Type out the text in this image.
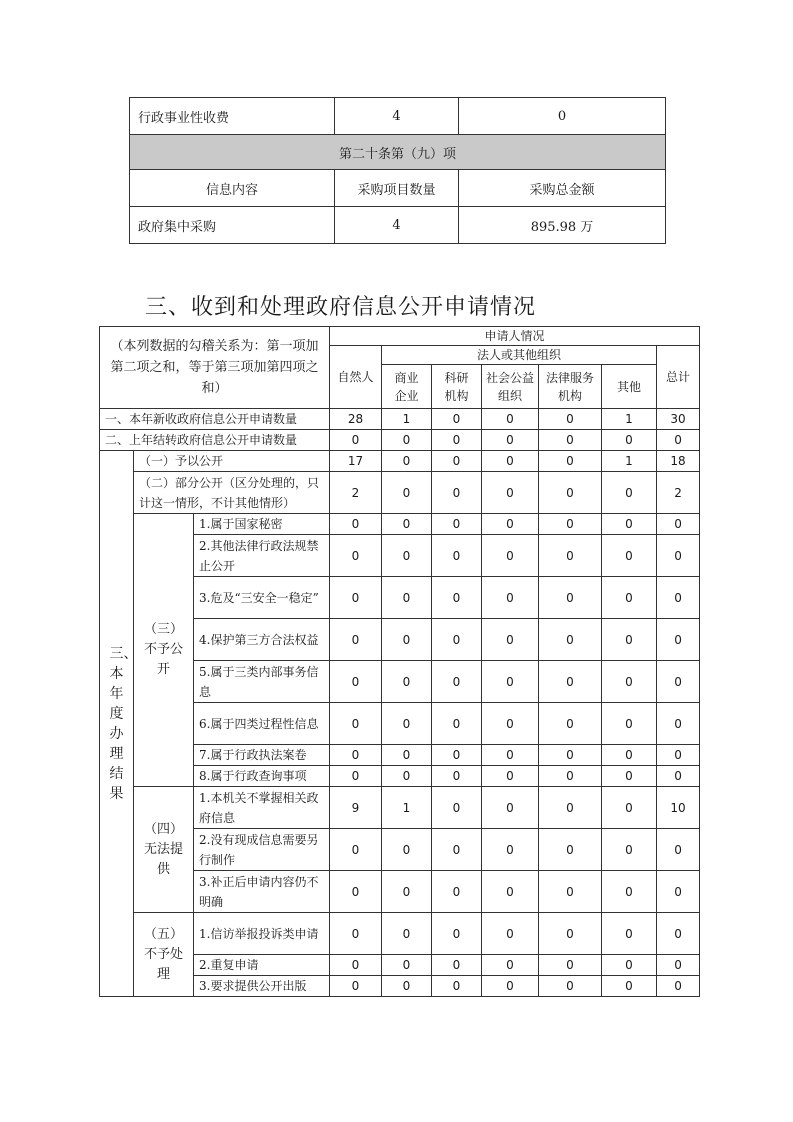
行政事业性收费	4	0
第二十条第（九）项		
信息内容	采购项目数量	采购总金额
政府集中采购	4	895.98 万
三、收到和处理政府信息公开申请情况
（本列数据的勾稽关系为：第一项加第二项之和，等于第三项加第四项之和）			申请人情况						
			自然人	法人或其他组织					总计
				商业企业	科研机构	社会公益组织	法律服务机构	其他	
一、本年新收政府信息公开申请数量			28	1	0	0	0	1	30
二、上年结转政府信息公开申请数量			0	0	0	0	0	0	0
三、本年度办理结果	（一）予以公开		17	0	0	0	0	1	18
	（二）部分公开（区分处理的，只计这一情形，不计其他情形）		2	0	0	0	0	0	2
	（三）不予公开	1.属于国家秘密	0	0	0	0	0	0	0
		2.其他法律行政法规禁止公开	0	0	0	0	0	0	0
		3.危及“三安全一稳定”	0	0	0	0	0	0	0
		4.保护第三方合法权益	0	0	0	0	0	0	0
		5.属于三类内部事务信息	0	0	0	0	0	0	0
		6.属于四类过程性信息	0	0	0	0	0	0	0
		7.属于行政执法案卷	0	0	0	0	0	0	0
		8.属于行政查询事项	0	0	0	0	0	0	0
	（四）无法提供	1.本机关不掌握相关政府信息	9	1	0	0	0	0	10
		2.没有现成信息需要另行制作	0	0	0	0	0	0	0
		3.补正后申请内容仍不明确	0	0	0	0	0	0	0
	（五）不予处理	1.信访举报投诉类申请	0	0	0	0	0	0	0
		2.重复申请	0	0	0	0	0	0	0
		3.要求提供公开出版	0	0	0	0	0	0	0
